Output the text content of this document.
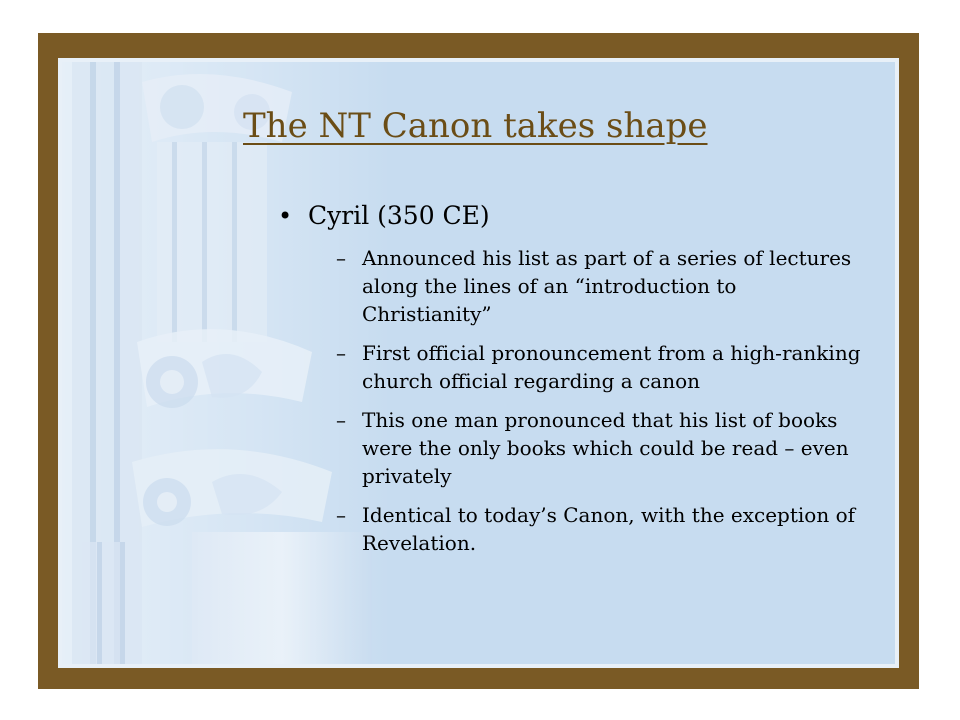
The NT Canon takes shape
• Cyril (350 CE)
– Announced his list as part of a series of lectures along the lines of an “introduction to Christianity”
– First official pronouncement from a high-ranking church official regarding a canon
– This one man pronounced that his list of books were the only books which could be read – even privately
– Identical to today’s Canon, with the exception of Revelation.
